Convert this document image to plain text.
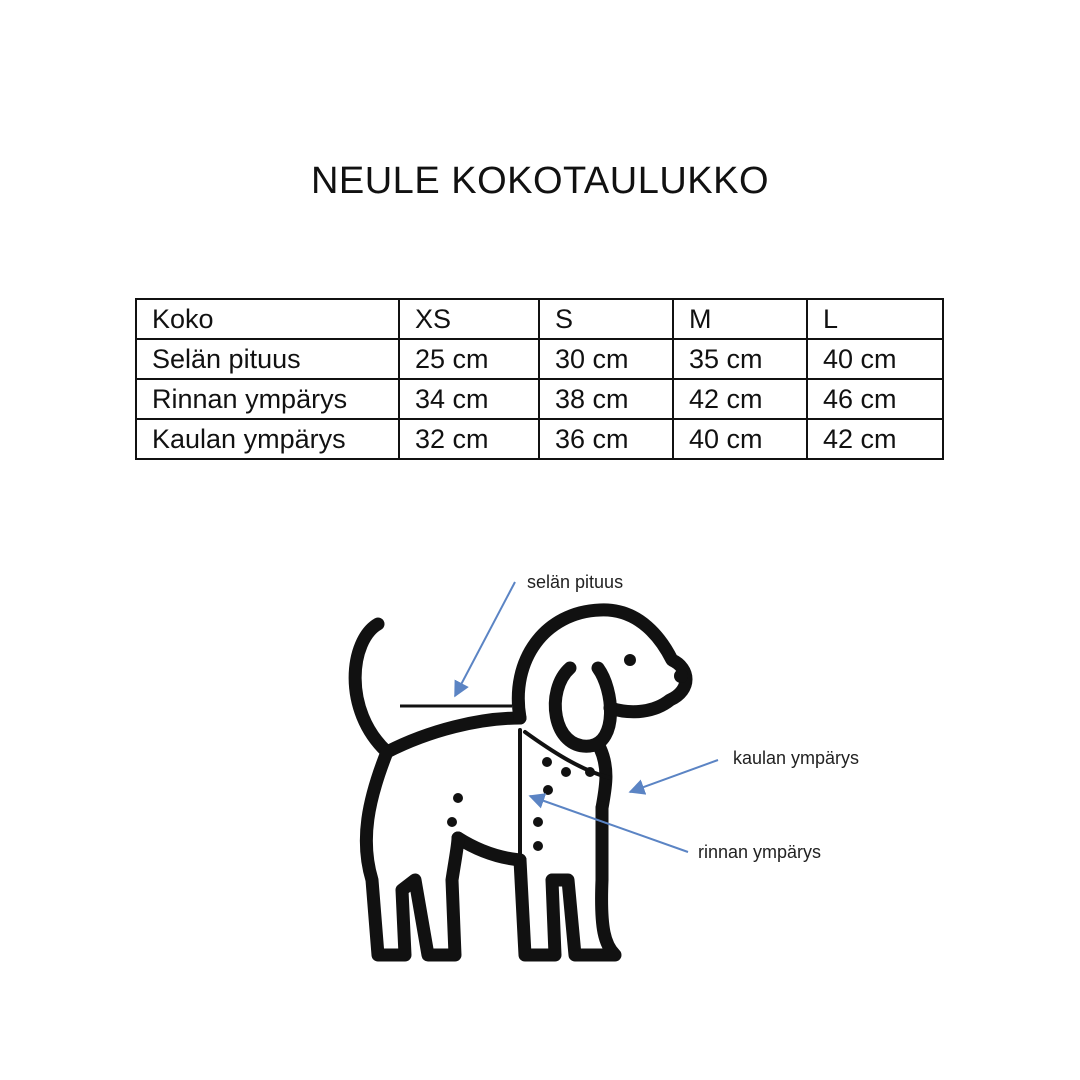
NEULE KOKOTAULUKKO
Koko	XS	S	M	L
Selän pituus	25 cm	30 cm	35 cm	40 cm
Rinnan ympärys	34 cm	38 cm	42 cm	46 cm
Kaulan ympärys	32 cm	36 cm	40 cm	42 cm
selän pituus
kaulan ympärys
rinnan ympärys
